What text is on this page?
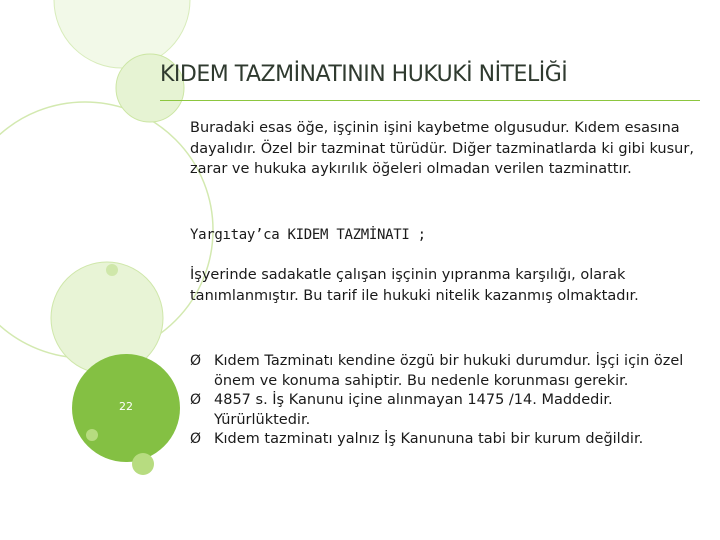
KIDEM TAZMİNATININ HUKUKİ NİTELİĞİ
Buradaki esas öğe, işçinin işini kaybetme olgusudur. Kıdem esasına dayalıdır. Özel bir tazminat türüdür. Diğer tazminatlarda ki gibi kusur, zarar ve hukuka aykırılık öğeleri olmadan verilen tazminattır.
Yargıtay’ca KIDEM TAZMİNATI ;
İşyerinde sadakatle çalışan işçinin yıpranma karşılığı, olarak tanımlanmıştır. Bu tarif ile hukuki nitelik kazanmış olmaktadır.
Ø Kıdem Tazminatı kendine özgü bir hukuki durumdur. İşçi için özel önem ve konuma sahiptir. Bu nedenle korunması gerekir.
Ø 4857 s. İş Kanunu içine alınmayan 1475 /14. Maddedir. Yürürlüktedir.
Ø Kıdem tazminatı yalnız İş Kanununa tabi bir kurum değildir.
22
